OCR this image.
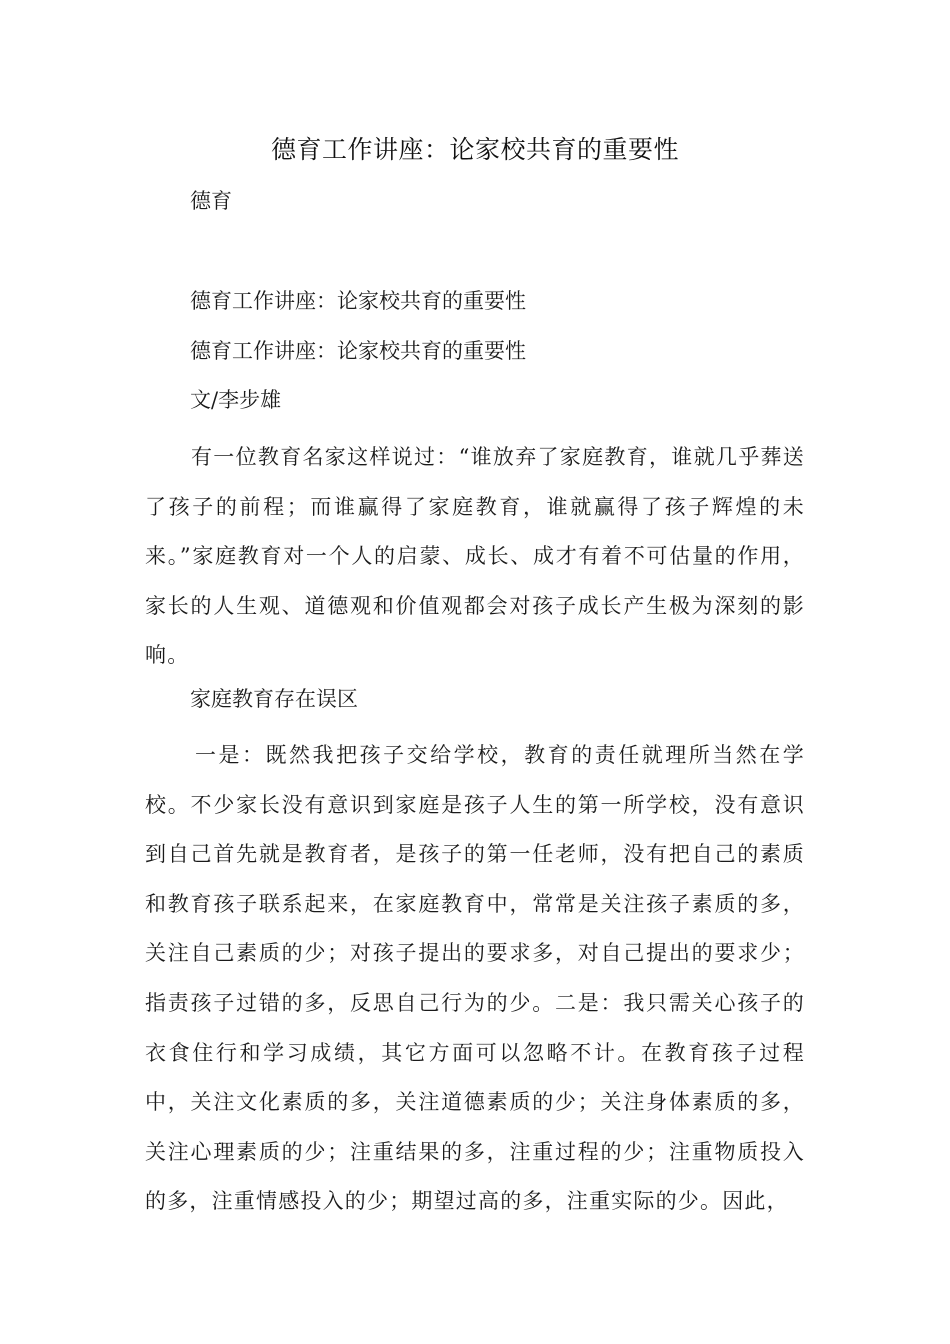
德育工作讲座：论家校共育的重要性
德育
德育工作讲座：论家校共育的重要性
德育工作讲座：论家校共育的重要性
文/李步雄

有一位教育名家这样说过：“谁放弃了家庭教育，谁就几乎葬送了孩子的前程；而谁赢得了家庭教育，谁就赢得了孩子辉煌的未来。”家庭教育对一个人的启蒙、成长、成才有着不可估量的作用，家长的人生观、道德观和价值观都会对孩子成长产生极为深刻的影响。

家庭教育存在误区

一是：既然我把孩子交给学校，教育的责任就理所当然在学校。不少家长没有意识到家庭是孩子人生的第一所学校，没有意识到自己首先就是教育者，是孩子的第一任老师，没有把自己的素质和教育孩子联系起来，在家庭教育中，常常是关注孩子素质的多，关注自己素质的少；对孩子提出的要求多，对自己提出的要求少；指责孩子过错的多，反思自己行为的少。二是：我只需关心孩子的衣食住行和学习成绩，其它方面可以忽略不计。在教育孩子过程中，关注文化素质的多，关注道德素质的少；关注身体素质的多，关注心理素质的少；注重结果的多，注重过程的少；注重物质投入的多，注重情感投入的少；期望过高的多，注重实际的少。因此，
